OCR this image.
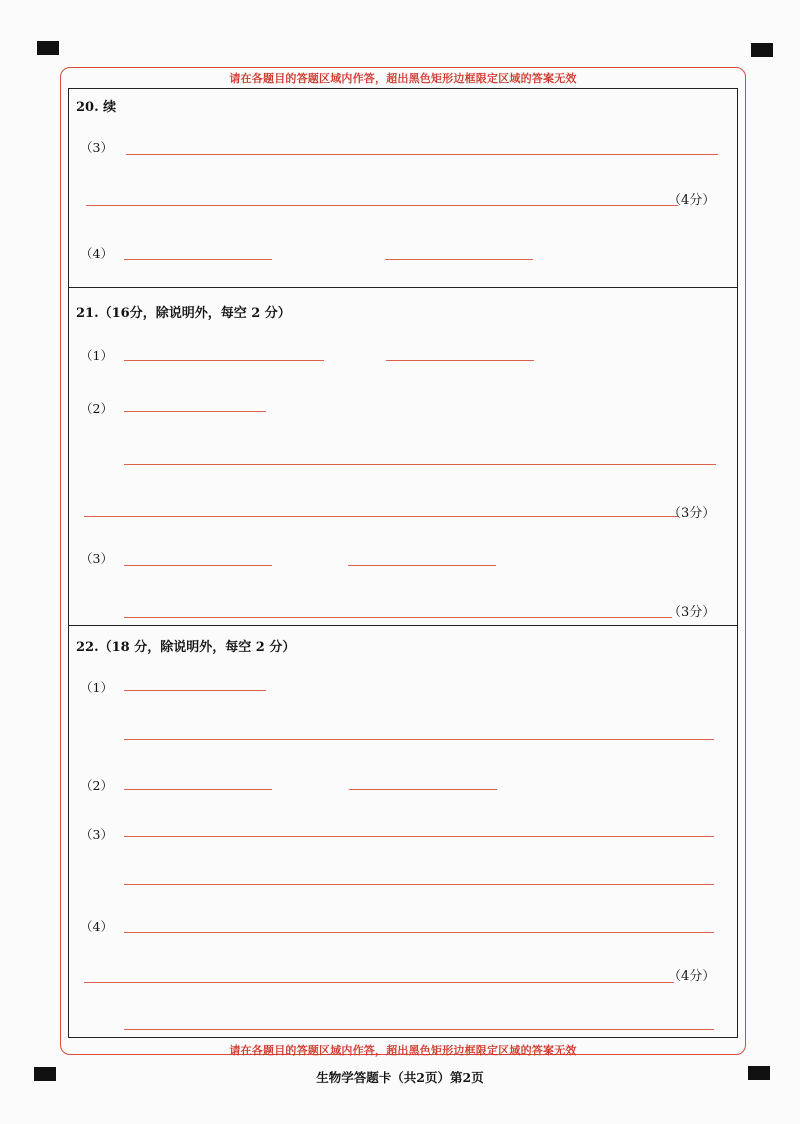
请在各题目的答题区域内作答，超出黑色矩形边框限定区域的答案无效
请在各题目的答题区域内作答，超出黑色矩形边框限定区域的答案无效
20. 续
（3）
（4分）
（4）
21.（16分，除说明外，每空 2 分）
（1）
（2）
（3分）
（3）
（3分）
22.（18 分，除说明外，每空 2 分）
（1）
（2）
（3）
（4）
（4分）
生物学答题卡（共2页）第2页
